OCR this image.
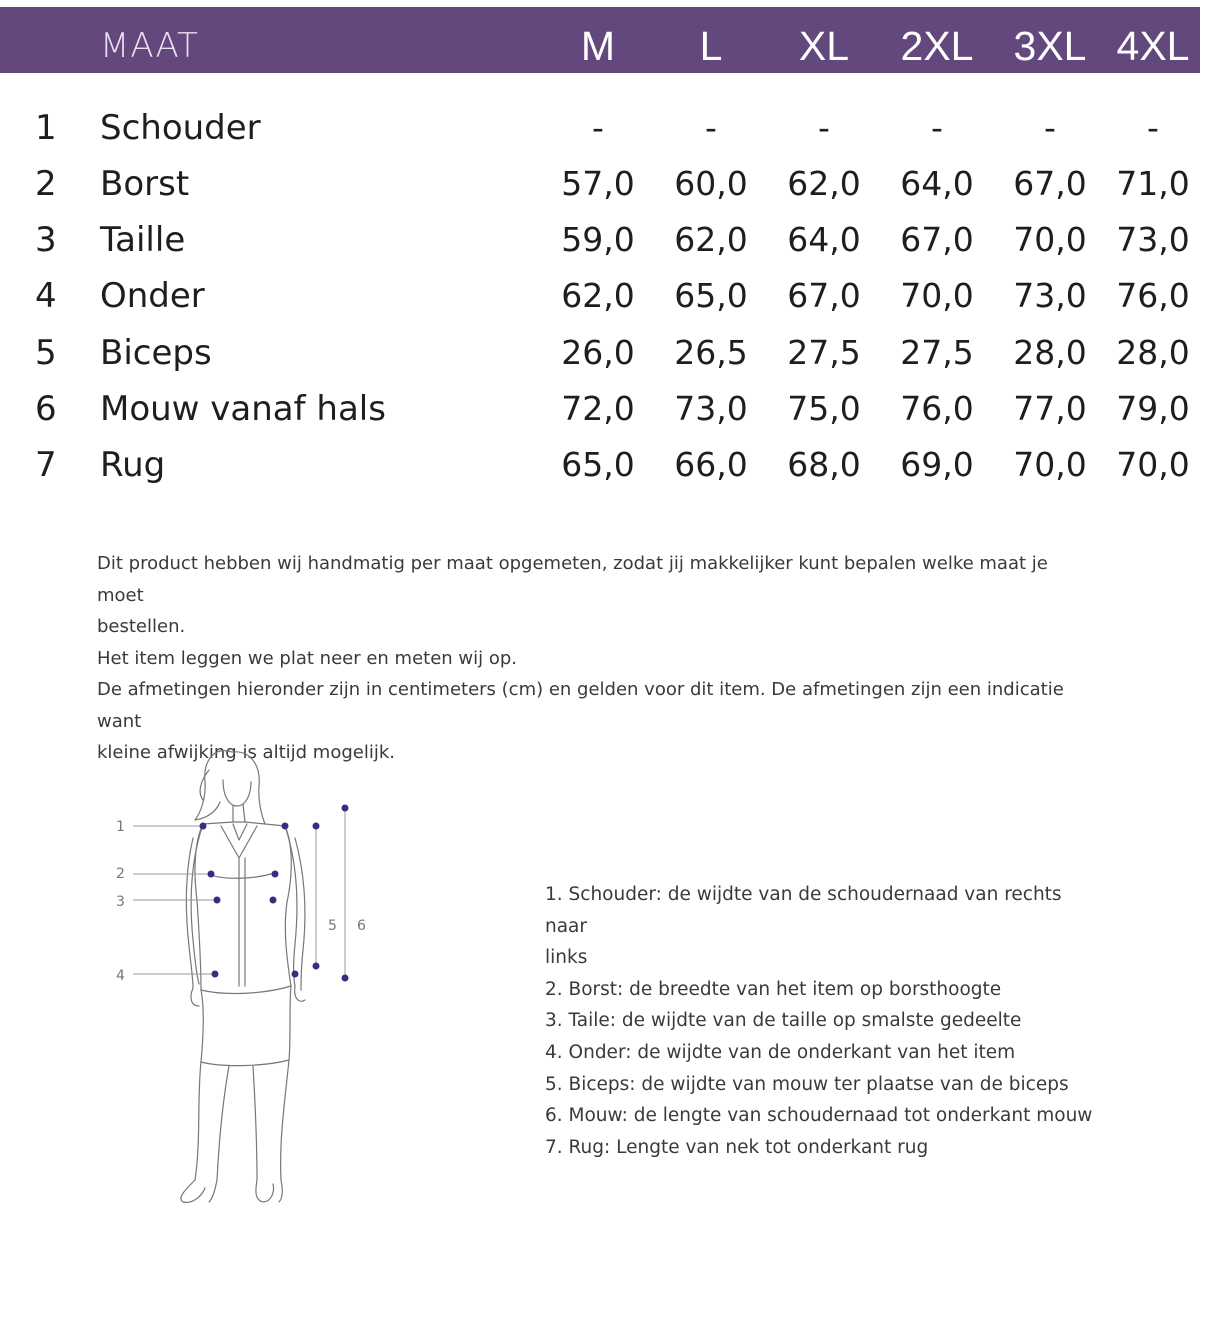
MAAT	M	L	XL	2XL 3XL 4XL
1 Schouder	-	-	-	-	-	-
2 Borst	57,0	60,0	62,0	64,0	67,0 71,0
3 Taille	59,0	62,0	64,0	67,0	70,0 73,0
4 Onder	62,0	65,0	67,0	70,0	73,0 76,0
5 Biceps	26,0	26,5	27,5	27,5	28,0 28,0
6 Mouw vanaf hals	72,0	73,0	75,0	76,0	77,0 79,0
7 Rug	65,0	66,0	68,0	69,0	70,0 70,0

Dit product hebben wij handmatig per maat opgemeten, zodat jij makkelijker kunt bepalen welke maat je moet

bestellen.

Het item leggen we plat neer en meten wij op.

De afmetingen hieronder zijn in centimeters (cm) en gelden voor dit item. De afmetingen zijn een indicatie want

kleine afwijking is altijd mogelijk.

1
2
3
4
5 6

1. Schouder: de wijdte van de schoudernaad van rechts naar

links

2. Borst: de breedte van het item op borsthoogte

3. Taile: de wijdte van de taille op smalste gedeelte

4. Onder: de wijdte van de onderkant van het item

5. Biceps: de wijdte van mouw ter plaatse van de biceps

6. Mouw: de lengte van schoudernaad tot onderkant mouw

7. Rug: Lengte van nek tot onderkant rug
